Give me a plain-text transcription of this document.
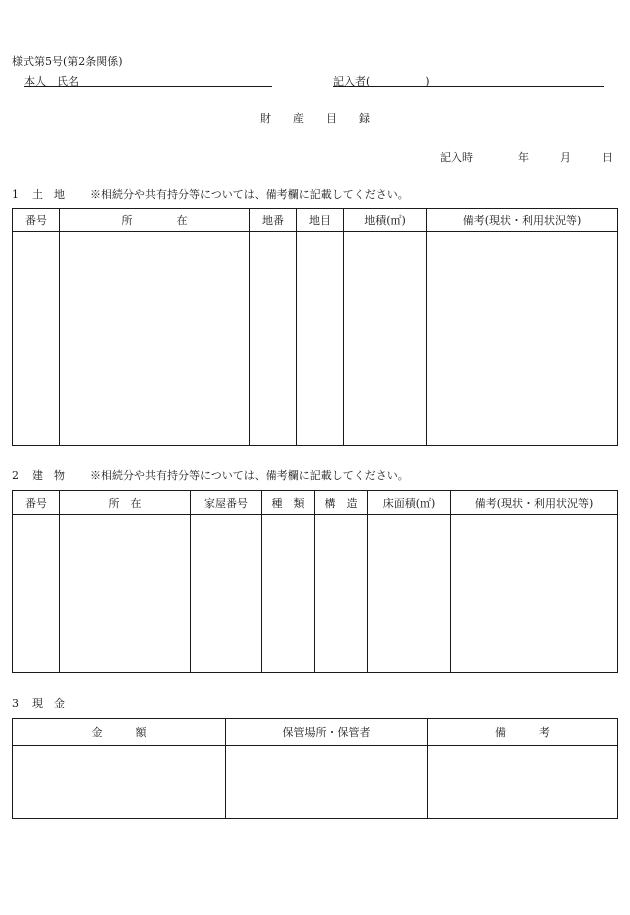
様式第5号(第2条関係)
本人　氏名	記入者(　　　　　)
財　　産　　目　　録
記入時	年	月	日
1 土　地 ※相続分や共有持分等については、備考欄に記載してください。
番号	所　　　　在	地番	地目	地積(㎡)	備考(現状・利用状況等)

2 建　物 ※相続分や共有持分等については、備考欄に記載してください。
番号	所　在	家屋番号	種　類	構　造	床面積(㎡)	備考(現状・利用状況等)

3 現　金
金　　　額	保管場所・保管者	備　　　考
